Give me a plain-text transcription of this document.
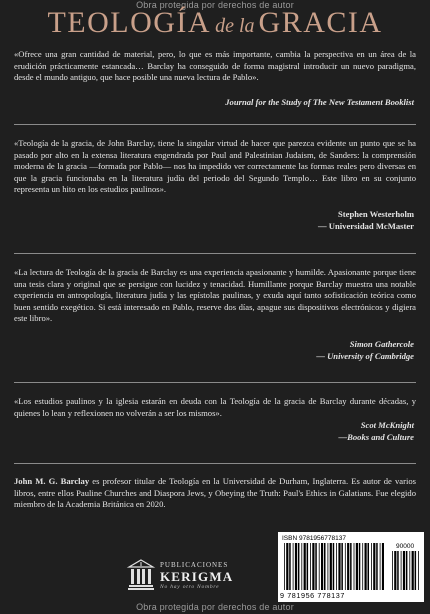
Obra protegida por derechos de autor
TEOLOGÍA de la GRACIA

«Ofrece una gran cantidad de material, pero, lo que es más importante, cambia la perspectiva en un área de la erudición prácticamente estancada… Barclay ha conseguido de forma magistral introducir un nuevo paradigma, desde el mundo antiguo, que hace posible una nueva lectura de Pablo».

Journal for the Study of The New Testament Booklist

«Teología de la gracia, de John Barclay, tiene la singular virtud de hacer que parezca evidente un punto que se ha pasado por alto en la extensa literatura engendrada por Paul and Palestinian Judaism, de Sanders: la comprensión moderna de la gracia —formada por Pablo— nos ha impedido ver correctamente las formas reales pero diversas en que la gracia funcionaba en la literatura judía del periodo del Segundo Templo… Este libro en su conjunto representa un hito en los estudios paulinos».

Stephen Westerholm
— Universidad McMaster

«La lectura de Teología de la gracia de Barclay es una experiencia apasionante y humilde. Apasionante porque tiene una tesis clara y original que se persigue con lucidez y tenacidad. Humillante porque Barclay muestra una notable experiencia en antropología, literatura judía y las epístolas paulinas, y exuda aquí tanto sofisticación teórica como buen sentido exegético. Si está interesado en Pablo, reserve dos días, apague sus dispositivos electrónicos y digiera este libro».

Simon Gathercole
— University of Cambridge

«Los estudios paulinos y la iglesia estarán en deuda con la Teología de la gracia de Barclay durante décadas, y quienes lo lean y reflexionen no volverán a ser los mismos».

Scot McKnight
—Books and Culture
John M. G. Barclay es profesor titular de Teología en la Universidad de Durham, Inglaterra. Es autor de varios libros, entre ellos Pauline Churches and Diaspora Jews, y Obeying the Truth: Paul's Ethics in Galatians. Fue elegido miembro de la Academia Británica en 2020.
PUBLICACIONES
KERIGMA
No hay otro Nombre
ISBN 9781956778137
90000
9 781956 778137
Obra protegida por derechos de autor
